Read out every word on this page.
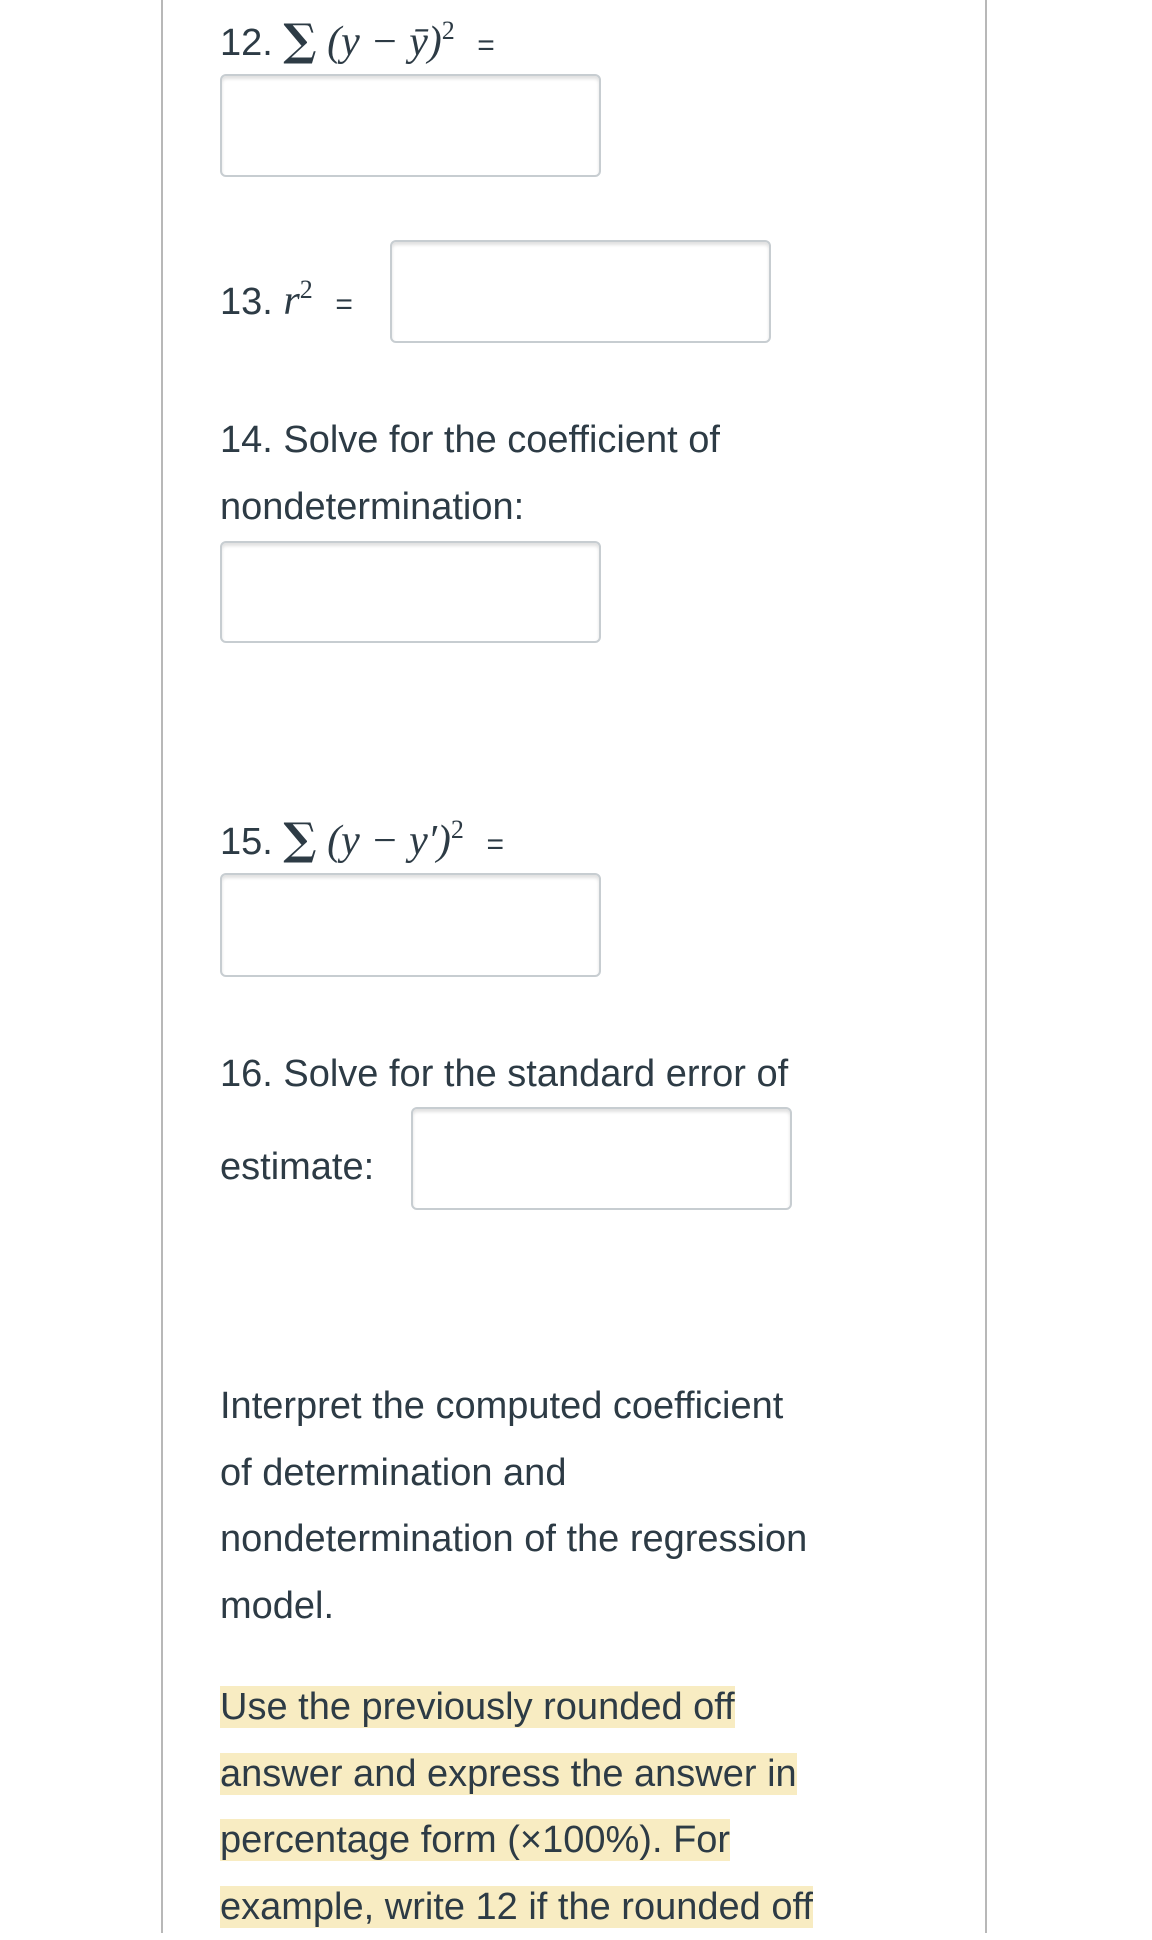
12. ∑ (y − ȳ)$^2$ =
13. $r^2$ =
14. Solve for the coefficient of
nondetermination:
15. ∑ $(y - y')^2$ =
16. Solve for the standard error of
estimate:
Interpret the computed coefficient
of determination and
nondetermination of the regression
model.
Use the previously rounded off
answer and express the answer in
percentage form (×100%). For
example, write 12 if the rounded off
